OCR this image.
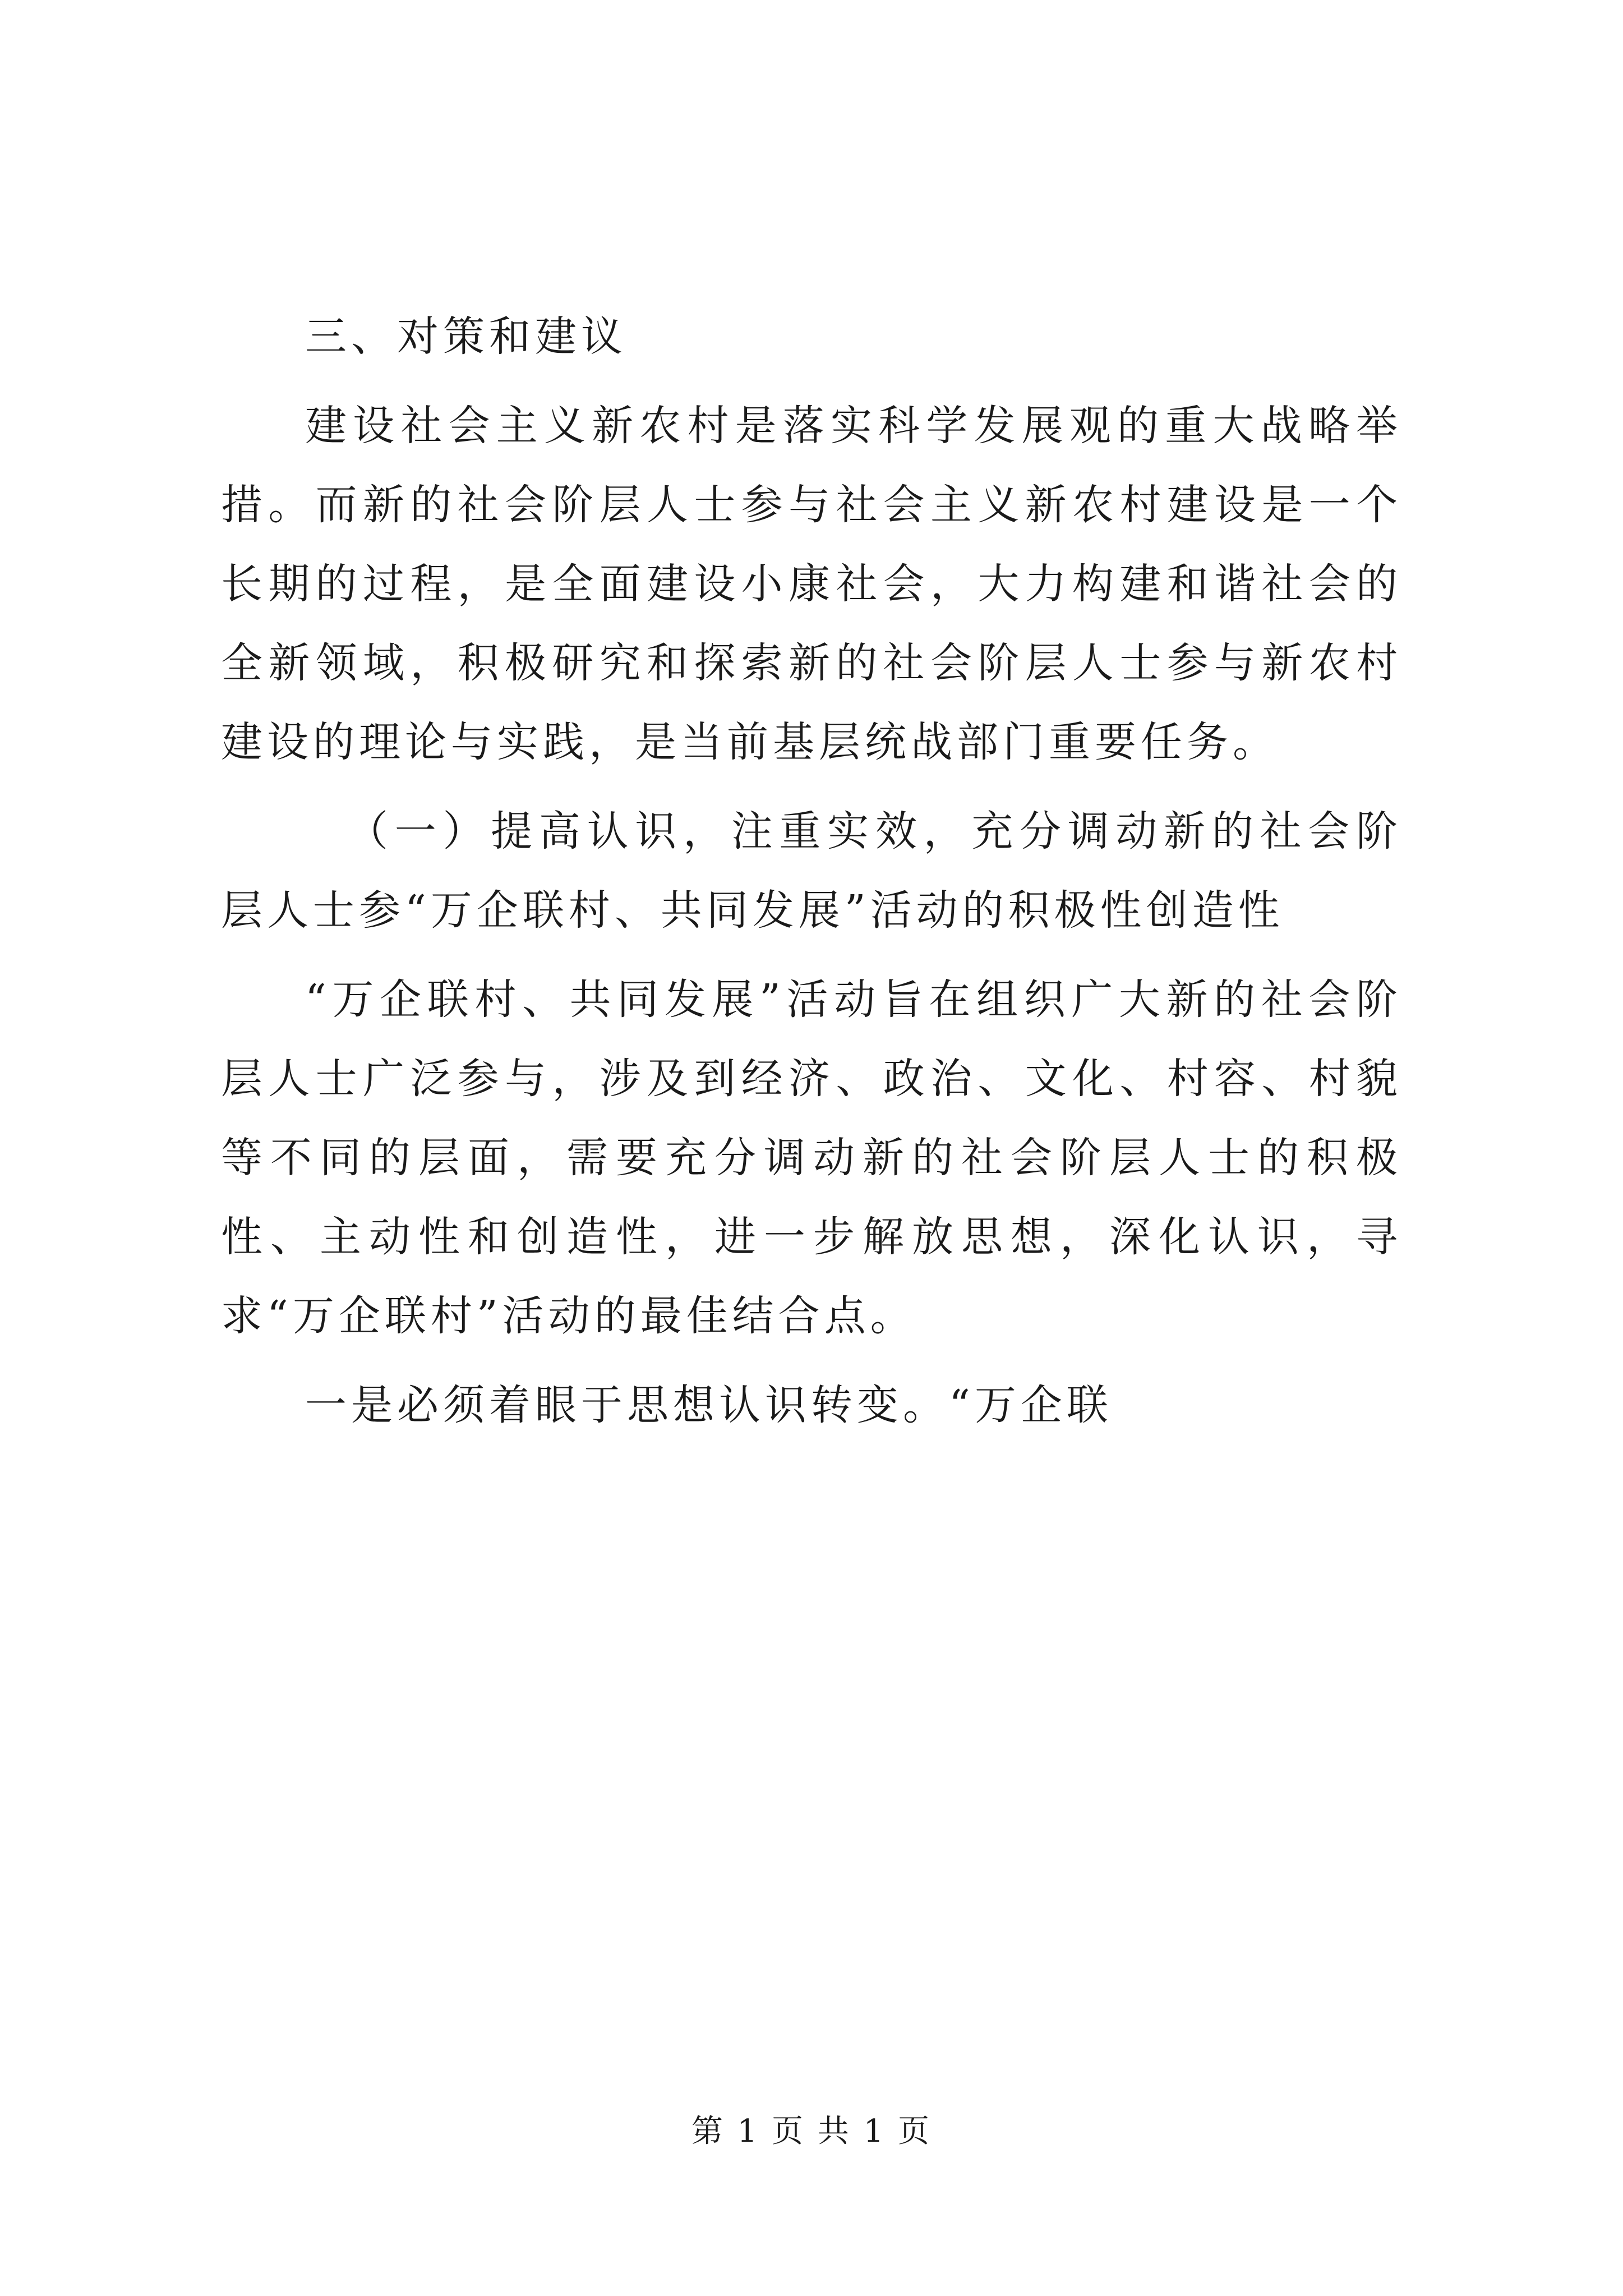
三、对策和建议

建设社会主义新农村是落实科学发展观的重大战略举措。而新的社会阶层人士参与社会主义新农村建设是一个长期的过程，是全面建设小康社会，大力构建和谐社会的全新领域，积极研究和探索新的社会阶层人士参与新农村建设的理论与实践，是当前基层统战部门重要任务。

（一）提高认识，注重实效，充分调动新的社会阶层人士参“万企联村、共同发展”活动的积极性创造性

“万企联村、共同发展”活动旨在组织广大新的社会阶层人士广泛参与，涉及到经济、政治、文化、村容、村貌等不同的层面，需要充分调动新的社会阶层人士的积极性、主动性和创造性，进一步解放思想，深化认识，寻求“万企联村”活动的最佳结合点。

一是必须着眼于思想认识转变。“万企联

第 1 页 共 1 页
